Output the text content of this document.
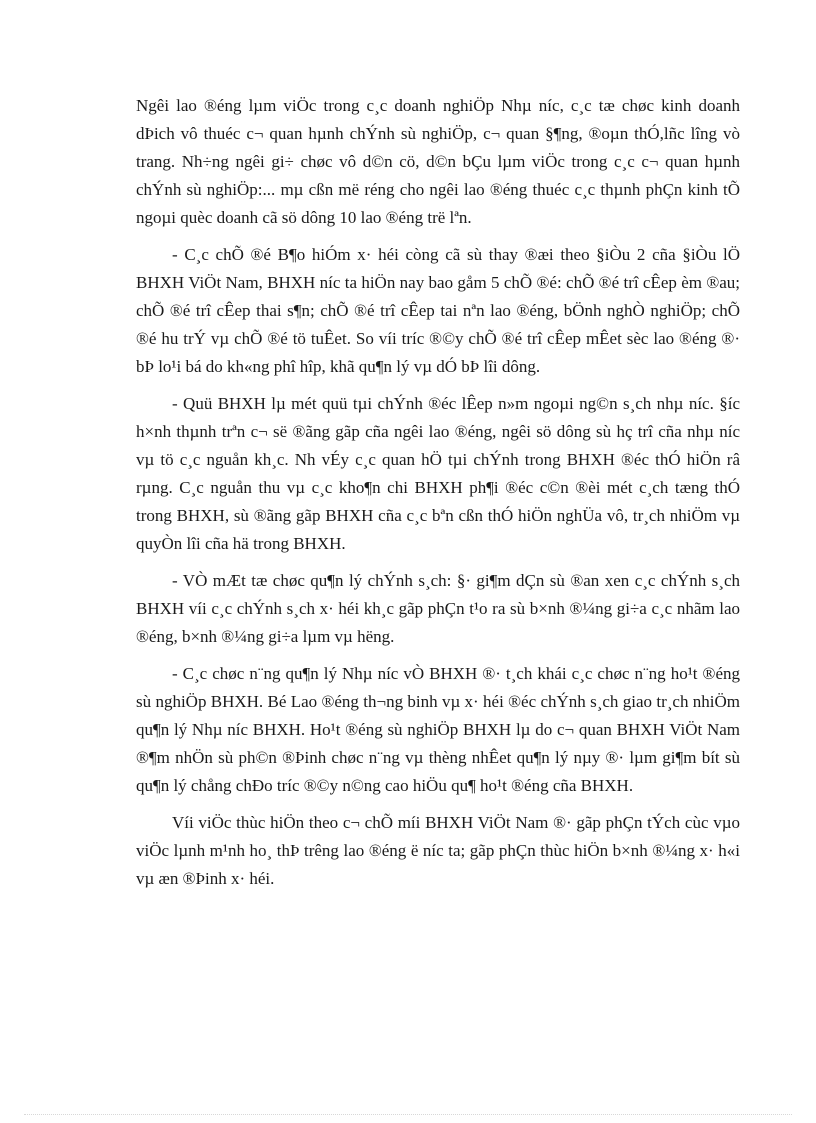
Ngêi lao ®éng lµm viÖc trong c¸c doanh nghiÖp Nhµ níc, c¸c tæ chøc kinh doanh dÞich vô thuéc c¬ quan hµnh chÝnh sù nghiÖp, c¬ quan §¶ng, ®oµn thÓ,lñc lîng vò trang. Nh÷ng ngêi gi÷ chøc vô d©n cö, d©n bÇu lµm viÖc trong c¸c c¬ quan hµnh chÝnh sù nghiÖp:... mµ cßn më réng cho ngêi lao ®éng thuéc c¸c thµnh phÇn kinh tÕ ngoµi quèc doanh cã sö dông 10 lao ®éng trë lªn.

- C¸c chÕ ®é B¶o hiÓm x· héi còng cã sù thay ®æi theo §iÒu 2 cña §iÒu lÖ BHXH ViÖt Nam, BHXH níc ta hiÖn nay bao gåm 5 chÕ ®é: chÕ ®é trî cÊep èm ®au; chÕ ®é trî cÊep thai s¶n; chÕ ®é trî cÊep tai nªn lao ®éng, bÖnh nghÒ nghiÖp; chÕ ®é hu trÝ vµ chÕ ®é tö tuÊet. So víi tríc ®©y chÕ ®é trî cÊep mÊet sèc lao ®éng ®· bÞ lo¹i bá do kh«ng phî hîp, khã qu¶n lý vµ dÓ bÞ lîi dông.

- Quü BHXH lµ mét quü tµi chÝnh ®éc lÊep n»m ngoµi ng©n s¸ch nhµ níc. §íc h×nh thµnh trªn c¬ së ®ãng gãp cña ngêi lao ®éng, ngêi sö dông sù hç trî cña nhµ níc vµ tö c¸c nguån kh¸c. Nh vÉy c¸c quan hÖ tµi chÝnh trong BHXH ®éc thÓ hiÖn râ rµng. C¸c nguån thu vµ c¸c kho¶n chi BHXH ph¶i ®éc c©n ®èi mét c¸ch tæng thÓ trong BHXH, sù ®ãng gãp BHXH cña c¸c bªn cßn thÓ hiÖn nghÜa vô, tr¸ch nhiÖm vµ quyÒn lîi cña hä trong BHXH.

- VÒ mÆt tæ chøc qu¶n lý chÝnh s¸ch: §· gi¶m dÇn sù ®an xen c¸c chÝnh s¸ch BHXH víi c¸c chÝnh s¸ch x· héi kh¸c gãp phÇn t¹o ra sù b×nh ®¼ng gi÷a c¸c nhãm lao ®éng, b×nh ®¼ng gi÷a lµm vµ hëng.

- C¸c chøc n¨ng qu¶n lý Nhµ níc vÒ BHXH ®· t¸ch khái c¸c chøc n¨ng ho¹t ®éng sù nghiÖp BHXH. Bé Lao ®éng th¬ng binh vµ x· héi ®éc chÝnh s¸ch giao tr¸ch nhiÖm qu¶n lý Nhµ níc BHXH. Ho¹t ®éng sù nghiÖp BHXH lµ do c¬ quan BHXH ViÖt Nam ®¶m nhÖn sù ph©n ®Þinh chøc n¨ng vµ thèng nhÊet qu¶n lý nµy ®· lµm gi¶m bít sù qu¶n lý chång chÐo tríc ®©y n©ng cao hiÖu qu¶ ho¹t ®éng cña BHXH.

Víi viÖc thùc hiÖn theo c¬ chÕ míi BHXH ViÖt Nam ®· gãp phÇn tÝch cùc vµo viÖc lµnh m¹nh ho¸ thÞ trêng lao ®éng ë níc ta; gãp phÇn thùc hiÖn b×nh ®¼ng x· h«i vµ æn ®Þinh x· héi.
